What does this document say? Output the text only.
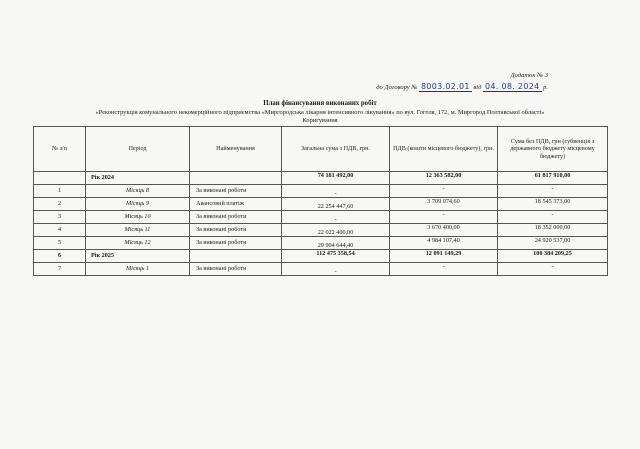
Додаток № 3
до Договору № 8003.02.01 від 04. 08. 2024 р.
План фінансування виконаних робіт
«Реконструкція комунального некомерційного підприємства «Миргородська лікарня інтенсивного лікування» по вул. Гоголя, 172, м. Миргород Полтавської області»
Коригування
№ з/п	Період	Найменування	Загальна сума з ПДВ, грн.	ПДВ (кошти місцевого бюджету), грн.	Сума без ПДВ, грн (субвенція з державного бюджету місцевому бюджету)
	Рік 2024		74 181 492,00	12 363 582,00	61 817 910,00
1	Місяць 8	За виконані роботи	-	-	-
2	Місяць 9	Авансовий платіж	22 254 447,60	3 709 074,60	18 545 373,00
3	Місяць 10	За виконані роботи	-	-	-
4	Місяць 11	За виконані роботи	22 022 400,00	3 670 400,00	18 352 000,00
5	Місяць 12	За виконані роботи	29 904 644,40	4 984 107,40	24 920 537,00
6	Рік 2025		112 475 358,54	12 091 149,29	100 384 209,25
7	Місяць 1	За виконані роботи	-	-	-
